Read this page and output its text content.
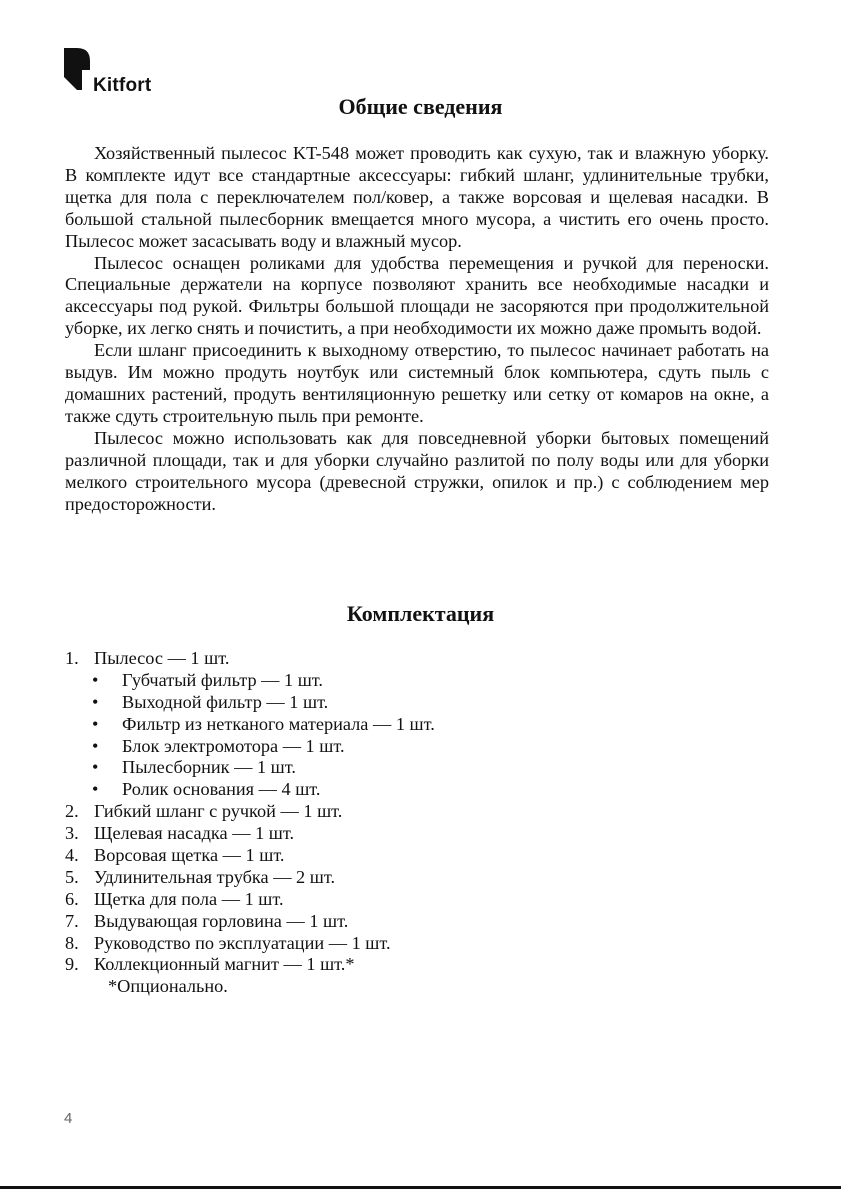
Kitfort
Общие сведения

Хозяйственный пылесос KT-548 может проводить как сухую, так и влажную уборку. В комплекте идут все стандартные аксессуары: гибкий шланг, удлинительные трубки, щетка для пола с переключателем пол/ковер, а также ворсовая и щелевая насадки. В большой стальной пылесборник вмещается много мусора, а чистить его очень просто. Пылесос может засасывать воду и влажный мусор.

Пылесос оснащен роликами для удобства перемещения и ручкой для переноски. Специальные держатели на корпусе позволяют хранить все необходимые насадки и аксессуары под рукой. Фильтры большой площади не засоряются при продолжительной уборке, их легко снять и почистить, а при необходимости их можно даже промыть водой.

Если шланг присоединить к выходному отверстию, то пылесос начинает работать на выдув. Им можно продуть ноутбук или системный блок компьютера, сдуть пыль с домашних растений, продуть вентиляционную решетку или сетку от комаров на окне, а также сдуть строительную пыль при ремонте.

Пылесос можно использовать как для повседневной уборки бытовых помещений различной площади, так и для уборки случайно разлитой по полу воды или для уборки мелкого строительного мусора (древесной стружки, опилок и пр.) с соблюдением мер предосторожности.

Комплектация
1. Пылесос — 1 шт.
• Губчатый фильтр — 1 шт.
• Выходной фильтр — 1 шт.
• Фильтр из нетканого материала — 1 шт.
• Блок электромотора — 1 шт.
• Пылесборник — 1 шт.
• Ролик основания — 4 шт.
2. Гибкий шланг с ручкой — 1 шт.
3. Щелевая насадка — 1 шт.
4. Ворсовая щетка — 1 шт.
5. Удлинительная трубка — 2 шт.
6. Щетка для пола — 1 шт.
7. Выдувающая горловина — 1 шт.
8. Руководство по эксплуатации — 1 шт.
9. Коллекционный магнит — 1 шт.*
*Опционально.
4
